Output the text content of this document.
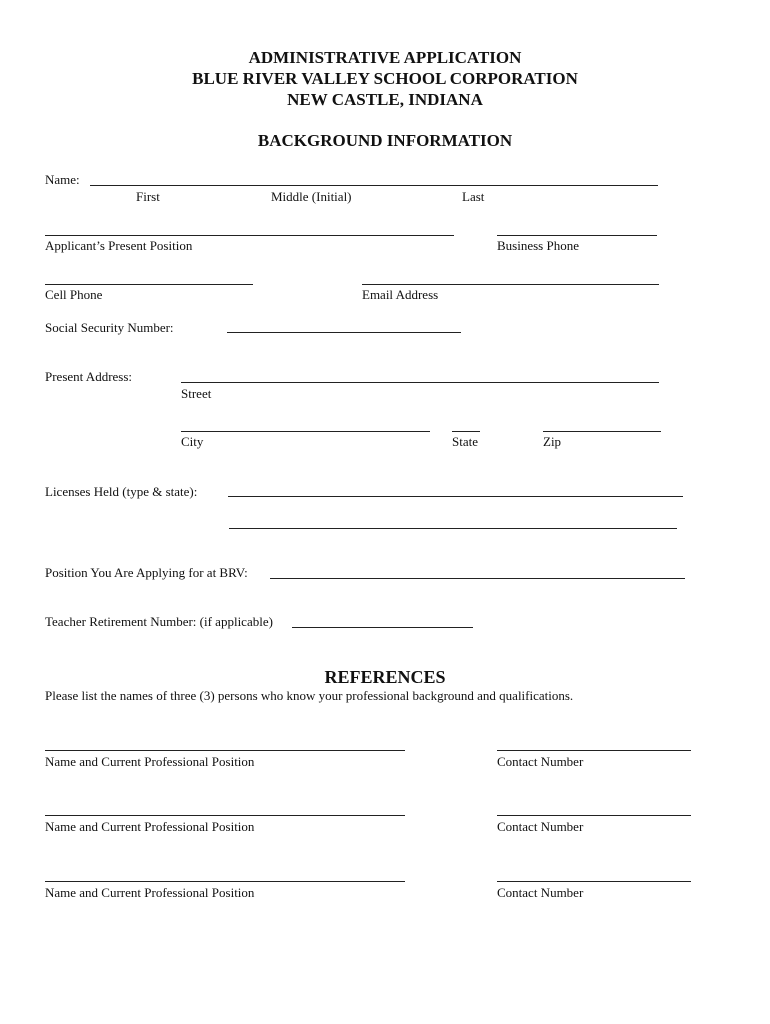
ADMINISTRATIVE APPLICATION
BLUE RIVER VALLEY SCHOOL CORPORATION
NEW CASTLE, INDIANA
BACKGROUND INFORMATION
Name:
First	Middle (Initial)	Last
Applicant’s Present Position	Business Phone
Cell Phone	Email Address
Social Security Number:
Present Address:
Street
City	State	Zip
Licenses Held (type & state):
Position You Are Applying for at BRV:
Teacher Retirement Number: (if applicable)
REFERENCES
Please list the names of three (3) persons who know your professional background and qualifications.
Name and Current Professional Position	Contact Number
Name and Current Professional Position	Contact Number
Name and Current Professional Position	Contact Number
